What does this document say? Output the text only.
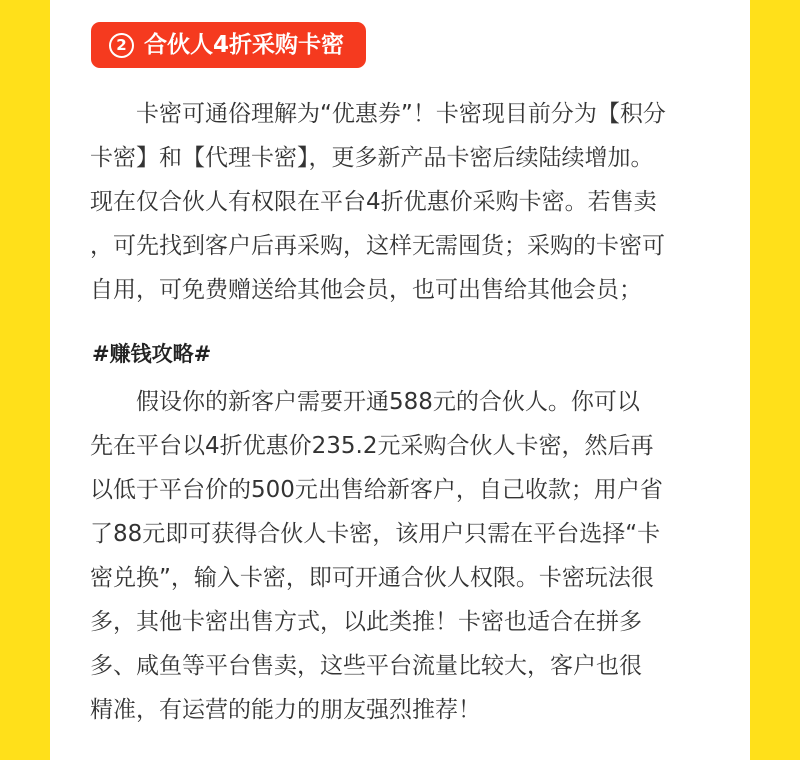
2 合伙人4折采购卡密

　　卡密可通俗理解为“优惠券”！卡密现目前分为【积分
卡密】和【代理卡密】，更多新产品卡密后续陆续增加。
现在仅合伙人有权限在平台4折优惠价采购卡密。若售卖
，可先找到客户后再采购，这样无需囤货；采购的卡密可
自用，可免费赠送给其他会员，也可出售给其他会员；

#赚钱攻略#

　　假设你的新客户需要开通588元的合伙人。你可以
先在平台以4折优惠价235.2元采购合伙人卡密，然后再
以低于平台价的500元出售给新客户，自己收款；用户省
了88元即可获得合伙人卡密，该用户只需在平台选择“卡
密兑换”，输入卡密，即可开通合伙人权限。卡密玩法很
多，其他卡密出售方式，以此类推！卡密也适合在拼多
多、咸鱼等平台售卖，这些平台流量比较大，客户也很
精准，有运营的能力的朋友强烈推荐！
